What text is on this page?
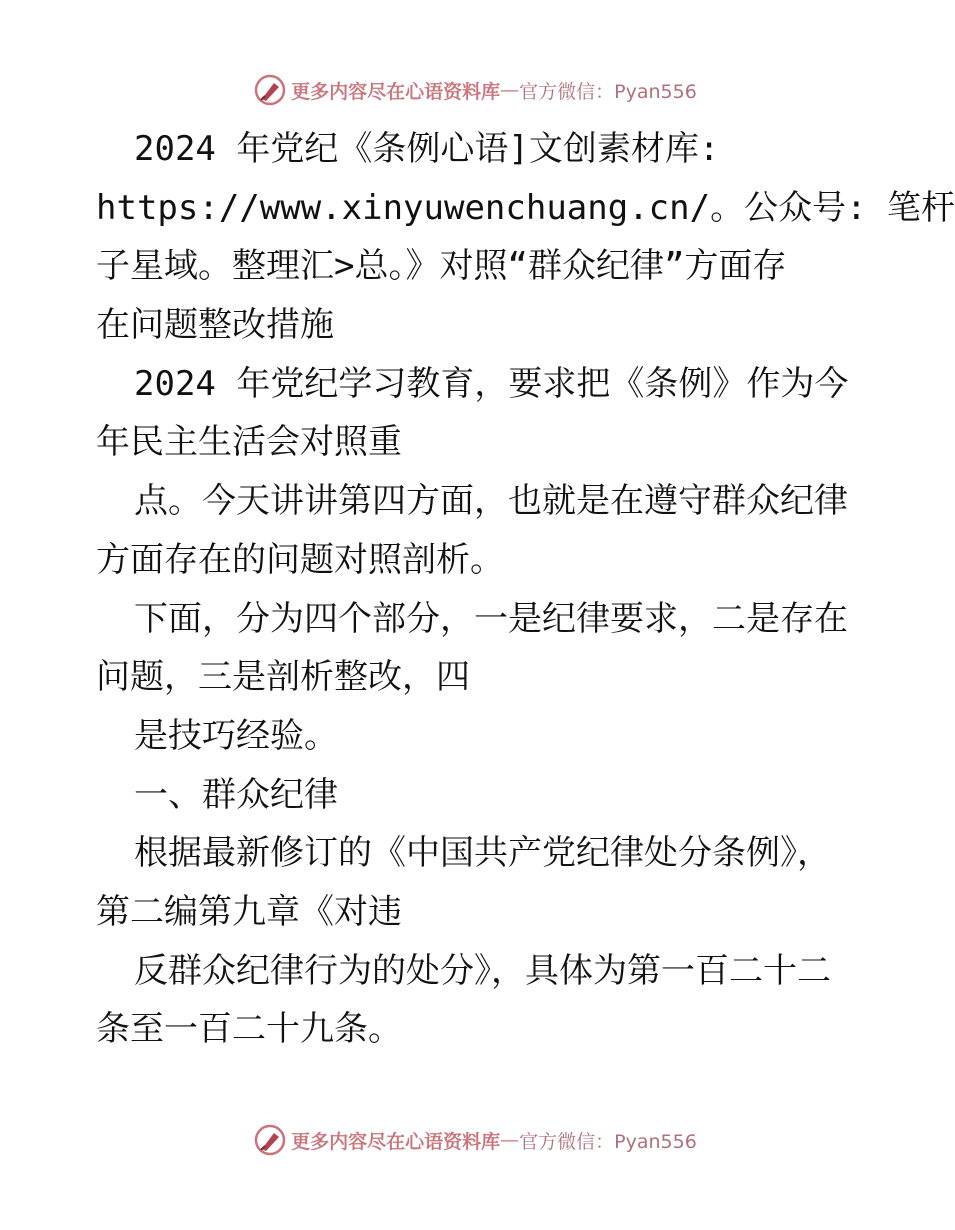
更多内容尽在心语资料库 — 官方微信：Pyan556
2024 年党纪《条例心语]文创素材库:
https://www.xinyuwenchuang.cn/。公众号: 笔杆
子星域。整理汇>总。》对照“群众纪律”方面存
在问题整改措施
2024 年党纪学习教育，要求把《条例》作为今
年民主生活会对照重
点。今天讲讲第四方面，也就是在遵守群众纪律
方面存在的问题对照剖析。
下面，分为四个部分，一是纪律要求，二是存在
问题，三是剖析整改，四
是技巧经验。
一、群众纪律
根据最新修订的《中国共产党纪律处分条例》，
第二编第九章《对违
反群众纪律行为的处分》，具体为第一百二十二
条至一百二十九条。
更多内容尽在心语资料库 — 官方微信：Pyan556
